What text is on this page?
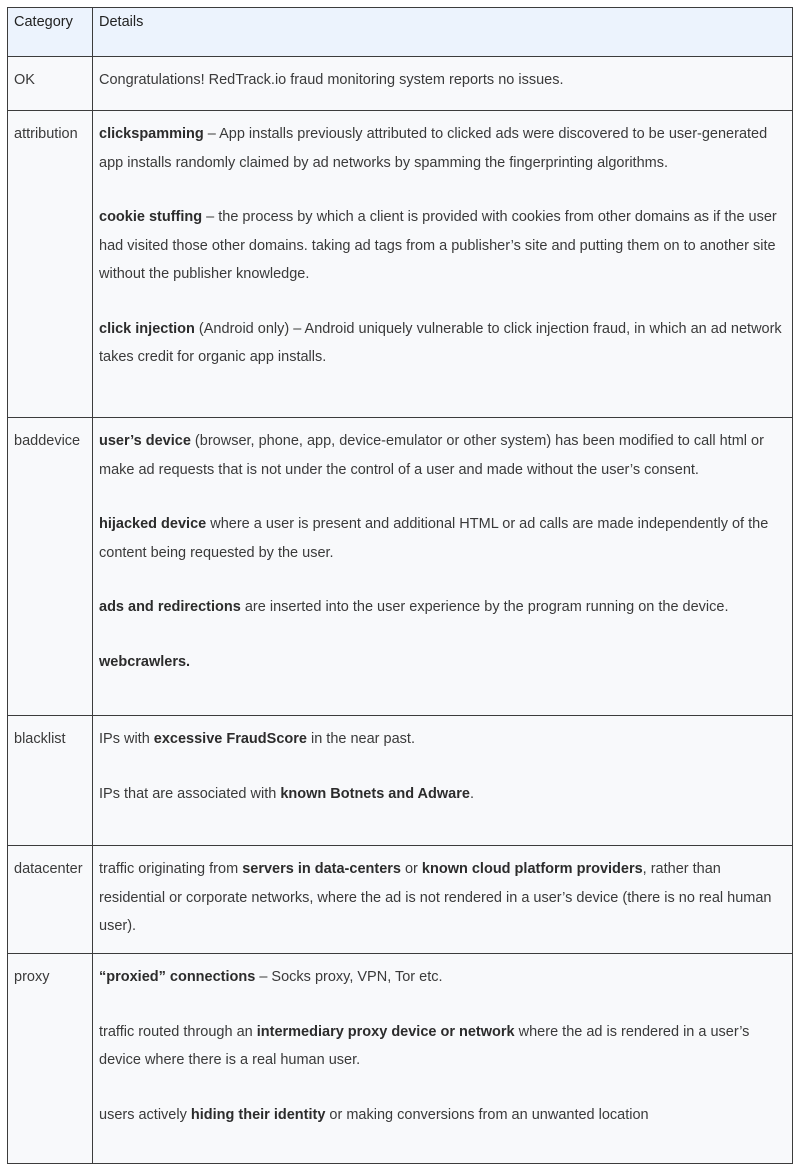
Category	Details
OK	Congratulations! RedTrack.io fraud monitoring system reports no issues.

attribution	clickspamming – App installs previously attributed to clicked ads were discovered to be user-generated app installs randomly claimed by ad networks by spamming the fingerprinting algorithms.

cookie stuffing – the process by which a client is provided with cookies from other domains as if the user had visited those other domains. taking ad tags from a publisher’s site and putting them on to another site without the publisher knowledge.

click injection (Android only) – Android uniquely vulnerable to click injection fraud, in which an ad network takes credit for organic app installs.

baddevice	user’s device (browser, phone, app, device-emulator or other system) has been modified to call html or make ad requests that is not under the control of a user and made without the user’s consent.

hijacked device where a user is present and additional HTML or ad calls are made independently of the content being requested by the user.

ads and redirections are inserted into the user experience by the program running on the device.

webcrawlers.

blacklist	IPs with excessive FraudScore in the near past.

IPs that are associated with known Botnets and Adware.

datacenter	traffic originating from servers in data-centers or known cloud platform providers, rather than residential or corporate networks, where the ad is not rendered in a user’s device (there is no real human user).

proxy	“proxied” connections – Socks proxy, VPN, Tor etc.

traffic routed through an intermediary proxy device or network where the ad is rendered in a user’s device where there is a real human user.

users actively hiding their identity or making conversions from an unwanted location
